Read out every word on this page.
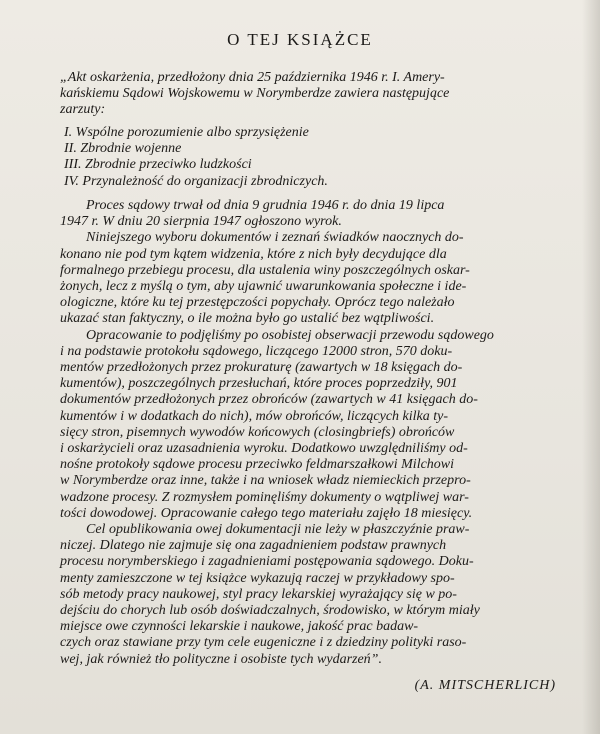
O TEJ KSIĄŻCE
„Akt oskarżenia, przedłożony dnia 25 października 1946 r. I. Amery-
kańskiemu Sądowi Wojskowemu w Norymberdze zawiera następujące
zarzuty:
I. Wspólne porozumienie albo sprzysiężenie
II. Zbrodnie wojenne
III. Zbrodnie przeciwko ludzkości
IV. Przynależność do organizacji zbrodniczych.
Proces sądowy trwał od dnia 9 grudnia 1946 r. do dnia 19 lipca
1947 r. W dniu 20 sierpnia 1947 ogłoszono wyrok.
Niniejszego wyboru dokumentów i zeznań świadków naocznych do-
konano nie pod tym kątem widzenia, które z nich były decydujące dla
formalnego przebiegu procesu, dla ustalenia winy poszczególnych oskar-
żonych, lecz z myślą o tym, aby ujawnić uwarunkowania społeczne i ide-
ologiczne, które ku tej przestępczości popychały. Oprócz tego należało
ukazać stan faktyczny, o ile można było go ustalić bez wątpliwości.
Opracowanie to podjęliśmy po osobistej obserwacji przewodu sądowego
i na podstawie protokołu sądowego, liczącego 12000 stron, 570 doku-
mentów przedłożonych przez prokuraturę (zawartych w 18 księgach do-
kumentów), poszczególnych przesłuchań, które proces poprzedziły, 901
dokumentów przedłożonych przez obrońców (zawartych w 41 księgach do-
kumentów i w dodatkach do nich), mów obrońców, liczących kilka ty-
sięcy stron, pisemnych wywodów końcowych (closingbriefs) obrońców
i oskarżycieli oraz uzasadnienia wyroku. Dodatkowo uwzględniliśmy od-
nośne protokoły sądowe procesu przeciwko feldmarszałkowi Milchowi
w Norymberdze oraz inne, także i na wniosek władz niemieckich przepro-
wadzone procesy. Z rozmysłem pominęliśmy dokumenty o wątpliwej war-
tości dowodowej. Opracowanie całego tego materiału zajęło 18 miesięcy.
Cel opublikowania owej dokumentacji nie leży w płaszczyźnie praw-
niczej. Dlatego nie zajmuje się ona zagadnieniem podstaw prawnych
procesu norymberskiego i zagadnieniami postępowania sądowego. Doku-
menty zamieszczone w tej książce wykazują raczej w przykładowy spo-
sób metody pracy naukowej, styl pracy lekarskiej wyrażający się w po-
dejściu do chorych lub osób doświadczalnych, środowisko, w którym miały
miejsce owe czynności lekarskie i naukowe, jakość prac badaw-
czych oraz stawiane przy tym cele eugeniczne i z dziedziny polityki raso-
wej, jak również tło polityczne i osobiste tych wydarzeń”.
(A. MITSCHERLICH)
